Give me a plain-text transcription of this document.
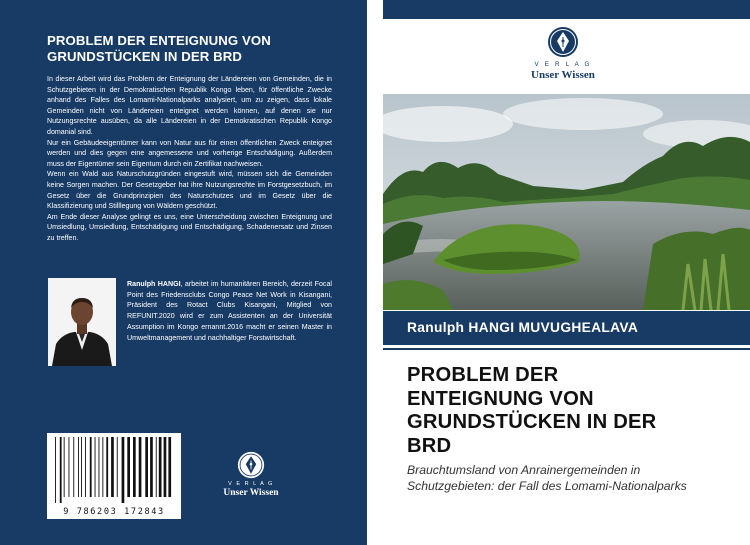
PROBLEM DER ENTEIGNUNG VON
GRUNDSTÜCKEN IN DER BRD

In dieser Arbeit wird das Problem der Enteignung der Ländereien von Gemeinden, die in Schutzgebieten in der Demokratischen Republik Kongo leben, für öffentliche Zwecke anhand des Falles des Lomami-Nationalparks analysiert, um zu zeigen, dass lokale Gemeinden nicht von Ländereien enteignet werden können, auf denen sie nur Nutzungsrechte ausüben, da alle Ländereien in der Demokratischen Republik Kongo domanial sind.

Nur ein Gebäudeeigentümer kann von Natur aus für einen öffentlichen Zweck enteignet werden und dies gegen eine angemessene und vorherige Entschädigung. Außerdem muss der Eigentümer sein Eigentum durch ein Zertifikat nachweisen.

Wenn ein Wald aus Naturschutzgründen eingestuft wird, müssen sich die Gemeinden keine Sorgen machen. Der Gesetzgeber hat ihre Nutzungsrechte im Forstgesetzbuch, im Gesetz über die Grundprinzipien des Naturschutzes und im Gesetz über die Klassifizierung und Stilllegung von Wäldern geschützt.

Am Ende dieser Analyse gelingt es uns, eine Unterscheidung zwischen Enteignung und Umsiedlung, Umsiedlung, Entschädigung und Entschädigung, Schadenersatz und Zinsen zu treffen.

Ranulph HANGI, arbeitet im humanitären Bereich, derzeit Focal Point des Friedensclubs Congo Peace Net Work in Kisangani, Präsident des Rotact Clubs Kisangani, Mitglied von REFUNIT.2020 wird er zum Assistenten an der Universität Assumption im Kongo ernannt.2016 macht er seinen Master in Umweltmanagement und nachhaltiger Forstwirtschaft.
9 786203 172843
V E R L A G
Unser Wissen
V E R L A G
Unser Wissen
Ranulph HANGI MUVUGHEALAVA
PROBLEM DER
ENTEIGNUNG VON
GRUNDSTÜCKEN IN DER
BRD
Brauchtumsland von Anrainergemeinden in
Schutzgebieten: der Fall des Lomami-Nationalparks
